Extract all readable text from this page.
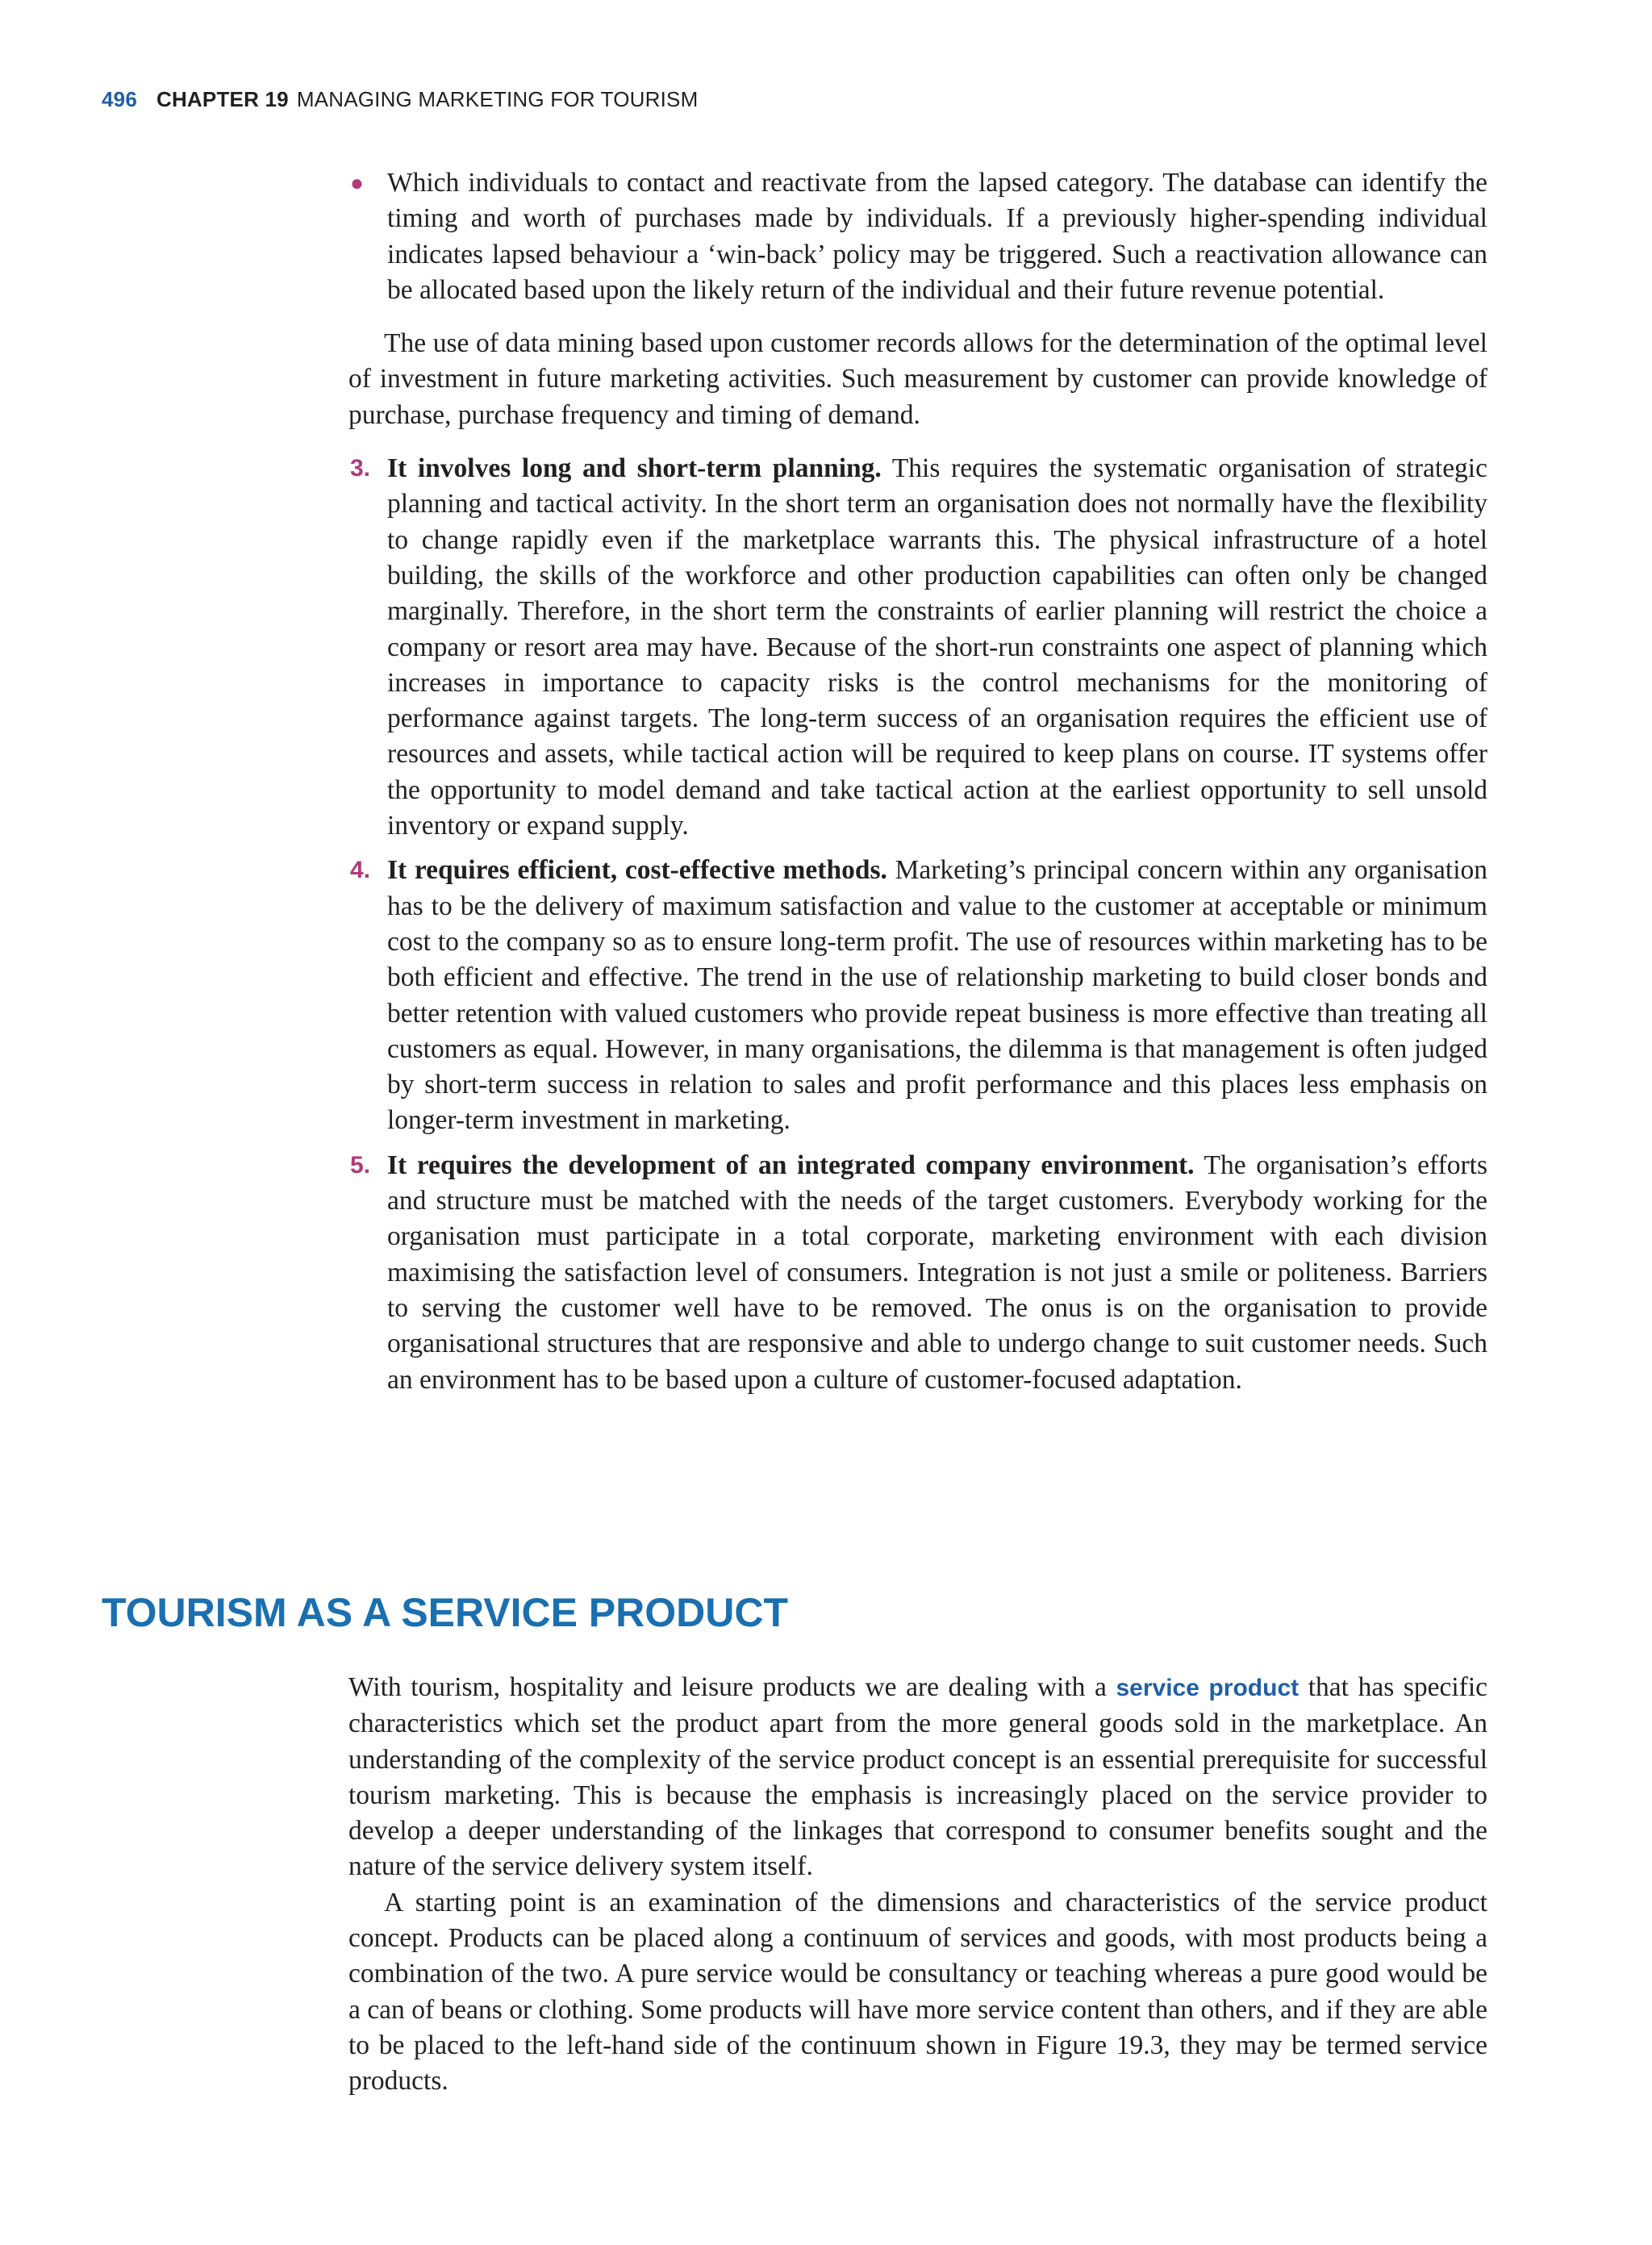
496 CHAPTER 19 MANAGING MARKETING FOR TOURISM

● Which individuals to contact and reactivate from the lapsed category. The database can identify the timing and worth of purchases made by individuals. If a previously higher-spending individual indicates lapsed behaviour a ‘win-back’ policy may be triggered. Such a reactivation allowance can be allocated based upon the likely return of the individual and their future revenue potential.

The use of data mining based upon customer records allows for the determination of the optimal level of investment in future marketing activities. Such measurement by customer can provide knowledge of purchase, purchase frequency and timing of demand.

3. It involves long and short-term planning. This requires the systematic organisation of strategic planning and tactical activity. In the short term an organisation does not normally have the flexibility to change rapidly even if the marketplace warrants this. The physical infrastructure of a hotel building, the skills of the workforce and other production capabilities can often only be changed marginally. Therefore, in the short term the constraints of earlier planning will restrict the choice a company or resort area may have. Because of the short-run constraints one aspect of planning which increases in importance to capacity risks is the control mechanisms for the monitoring of performance against targets. The long-term success of an organisation requires the efficient use of resources and assets, while tactical action will be required to keep plans on course. IT systems offer the opportunity to model demand and take tactical action at the earliest opportunity to sell unsold inventory or expand supply.

4. It requires efficient, cost-effective methods. Marketing’s principal concern within any organisation has to be the delivery of maximum satisfaction and value to the customer at acceptable or minimum cost to the company so as to ensure long-term profit. The use of resources within marketing has to be both efficient and effective. The trend in the use of relationship marketing to build closer bonds and better retention with valued customers who provide repeat business is more effective than treating all customers as equal. However, in many organisations, the dilemma is that management is often judged by short-term success in relation to sales and profit performance and this places less emphasis on longer-term investment in marketing.

5. It requires the development of an integrated company environment. The organisation’s efforts and structure must be matched with the needs of the target customers. Everybody working for the organisation must participate in a total corporate, marketing environment with each division maximising the satisfaction level of consumers. Integration is not just a smile or politeness. Barriers to serving the customer well have to be removed. The onus is on the organisation to provide organisational structures that are responsive and able to undergo change to suit customer needs. Such an environment has to be based upon a culture of customer-focused adaptation.

TOURISM AS A SERVICE PRODUCT

With tourism, hospitality and leisure products we are dealing with a service product that has specific characteristics which set the product apart from the more general goods sold in the marketplace. An understanding of the complexity of the service product concept is an essential prerequisite for successful tourism marketing. This is because the emphasis is increasingly placed on the service provider to develop a deeper understanding of the linkages that correspond to consumer benefits sought and the nature of the service delivery system itself.

A starting point is an examination of the dimensions and characteristics of the service product concept. Products can be placed along a continuum of services and goods, with most products being a combination of the two. A pure service would be consultancy or teaching whereas a pure good would be a can of beans or clothing. Some products will have more service content than others, and if they are able to be placed to the left-hand side of the continuum shown in Figure 19.3, they may be termed service products.
